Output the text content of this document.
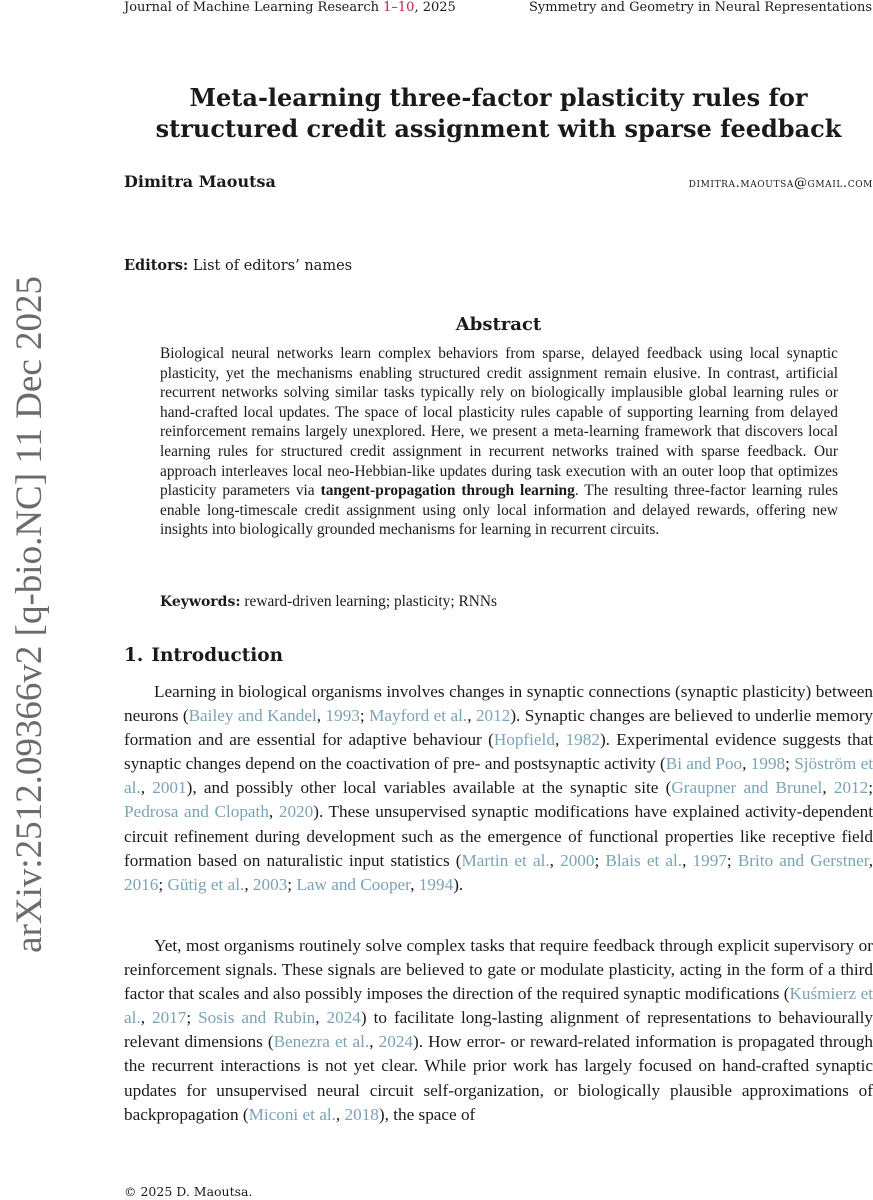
Journal of Machine Learning Research 1–10, 2025	Symmetry and Geometry in Neural Representations
arXiv:2512.09366v2 [q-bio.NC] 11 Dec 2025
Meta-learning three-factor plasticity rules for
structured credit assignment with sparse feedback
Dimitra Maoutsa	dimitra.maoutsa@gmail.com
Editors: List of editors’ names
Abstract
Biological neural networks learn complex behaviors from sparse, delayed feedback using local synaptic plasticity, yet the mechanisms enabling structured credit assignment remain elusive. In contrast, artificial recurrent networks solving similar tasks typically rely on biologically implausible global learning rules or hand-crafted local updates. The space of local plasticity rules capable of supporting learning from delayed reinforcement remains largely unexplored. Here, we present a meta-learning framework that discovers local learning rules for structured credit assignment in recurrent networks trained with sparse feedback. Our approach interleaves local neo-Hebbian-like updates during task execution with an outer loop that optimizes plasticity parameters via tangent-propagation through learning. The resulting three-factor learning rules enable long-timescale credit assignment using only local information and delayed rewards, offering new insights into biologically grounded mechanisms for learning in recurrent circuits.
Keywords: reward-driven learning; plasticity; RNNs
1. Introduction
Learning in biological organisms involves changes in synaptic connections (synaptic plasticity) between neurons (Bailey and Kandel, 1993; Mayford et al., 2012). Synaptic changes are believed to underlie memory formation and are essential for adaptive behaviour (Hopfield, 1982). Experimental evidence suggests that synaptic changes depend on the coactivation of pre- and postsynaptic activity (Bi and Poo, 1998; Sjöström et al., 2001), and possibly other local variables available at the synaptic site (Graupner and Brunel, 2012; Pedrosa and Clopath, 2020). These unsupervised synaptic modifications have explained activity-dependent circuit refinement during development such as the emergence of functional properties like receptive field formation based on naturalistic input statistics (Martin et al., 2000; Blais et al., 1997; Brito and Gerstner, 2016; Gütig et al., 2003; Law and Cooper, 1994).
Yet, most organisms routinely solve complex tasks that require feedback through explicit supervisory or reinforcement signals. These signals are believed to gate or modulate plasticity, acting in the form of a third factor that scales and also possibly imposes the direction of the required synaptic modifications (Kuśmierz et al., 2017; Sosis and Rubin, 2024) to facilitate long-lasting alignment of representations to behaviourally relevant dimensions (Benezra et al., 2024). How error- or reward-related information is propagated through the recurrent interactions is not yet clear. While prior work has largely focused on hand-crafted synaptic updates for unsupervised neural circuit self-organization, or biologically plausible approximations of backpropagation (Miconi et al., 2018), the space of
© 2025 D. Maoutsa.
